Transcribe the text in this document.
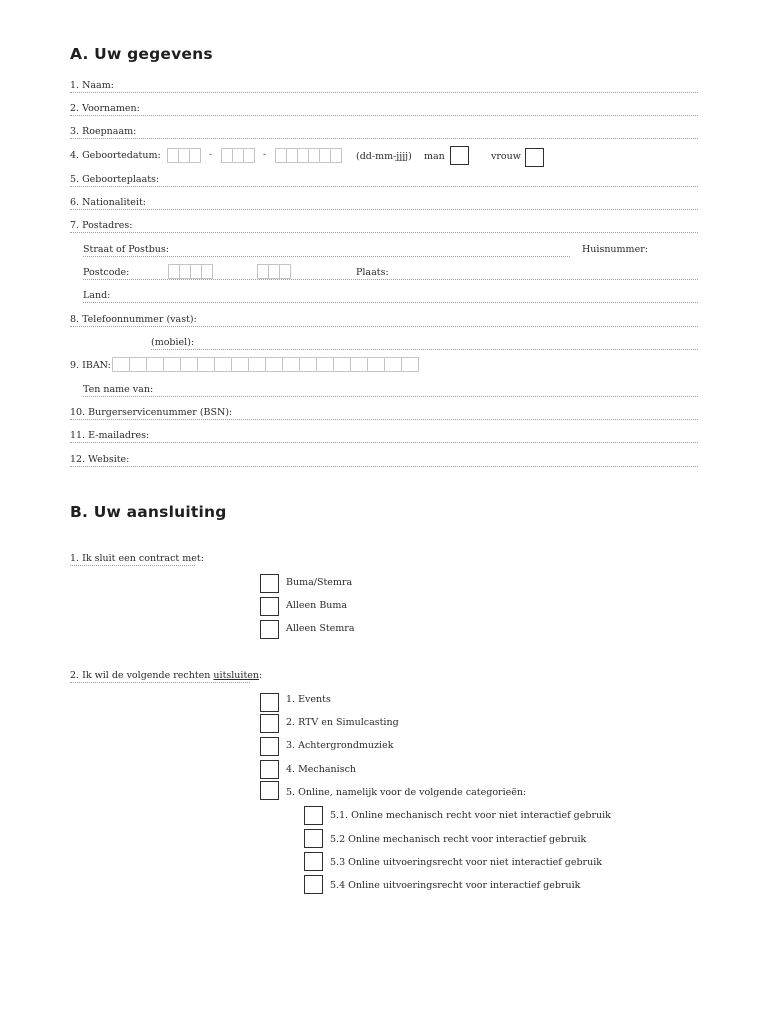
A. Uw gegevens
1. Naam:
2. Voornamen:
3. Roepnaam:
4. Geboortedatum:	-	-	(dd-mm-jjjj) man	vrouw
5. Geboorteplaats:
6. Nationaliteit:
7. Postadres:
Straat of Postbus:	Huisnummer:
Postcode:	Plaats:
Land:
8. Telefoonnummer (vast):
(mobiel):
9. IBAN:
Ten name van:
10. Burgerservicenummer (BSN):
11. E-mailadres:
12. Website:
B. Uw aansluiting
1. Ik sluit een contract met:
Buma/Stemra
Alleen Buma
Alleen Stemra
2. Ik wil de volgende rechten uitsluiten:
1. Events
2. RTV en Simulcasting
3. Achtergrondmuziek
4. Mechanisch
5. Online, namelijk voor de volgende categorieën:
5.1. Online mechanisch recht voor niet interactief gebruik
5.2 Online mechanisch recht voor interactief gebruik
5.3 Online uitvoeringsrecht voor niet interactief gebruik
5.4 Online uitvoeringsrecht voor interactief gebruik
